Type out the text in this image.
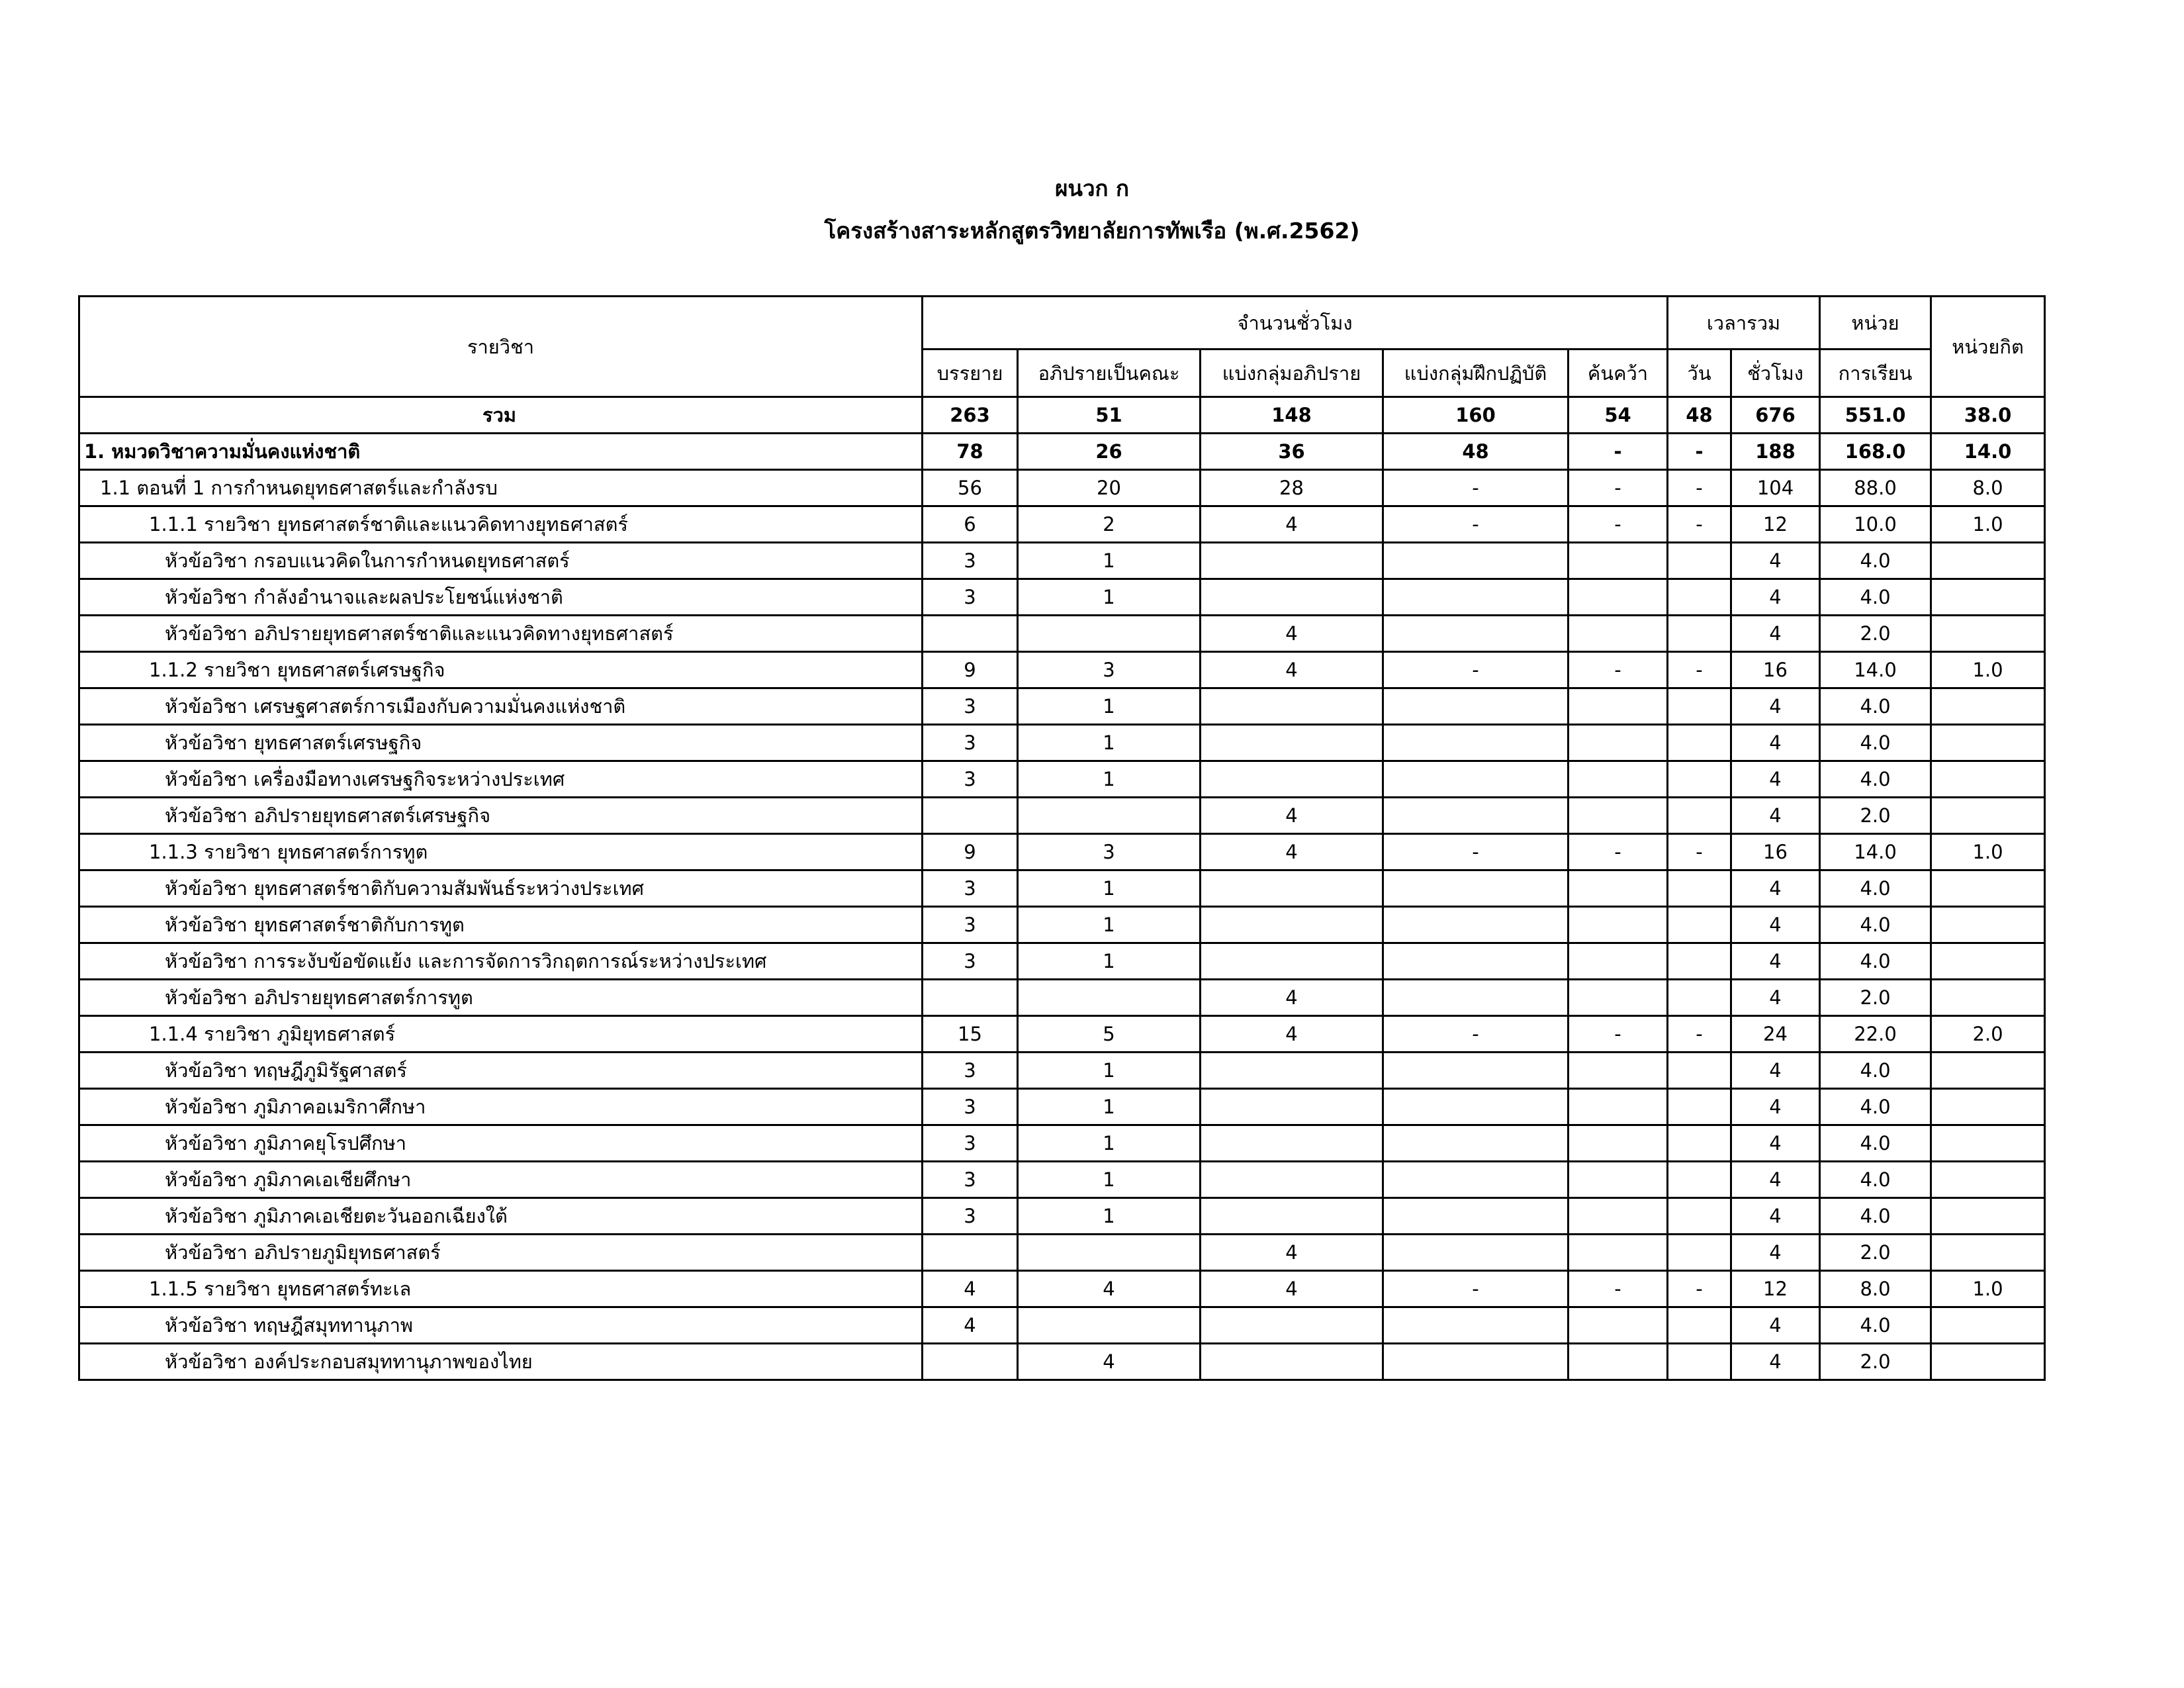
ผนวก ก
โครงสร้างสาระหลักสูตรวิทยาลัยการทัพเรือ (พ.ศ.2562)
รายวิชา	จำนวนชั่วโมง					เวลารวม		หน่วย	หน่วยกิต
	บรรยาย	อภิปรายเป็นคณะ	แบ่งกลุ่มอภิปราย	แบ่งกลุ่มฝึกปฏิบัติ	ค้นคว้า	วัน	ชั่วโมง	การเรียน	
รวม	263	51	148	160	54	48	676	551.0	38.0
1. หมวดวิชาความมั่นคงแห่งชาติ	78	26	36	48	-	-	188	168.0	14.0
1.1 ตอนที่ 1 การกำหนดยุทธศาสตร์และกำลังรบ	56	20	28	-	-	-	104	88.0	8.0
1.1.1 รายวิชา ยุทธศาสตร์ชาติและแนวคิดทางยุทธศาสตร์	6	2	4	-	-	-	12	10.0	1.0
หัวข้อวิชา กรอบแนวคิดในการกำหนดยุทธศาสตร์	3	1					4	4.0	
หัวข้อวิชา กำลังอำนาจและผลประโยชน์แห่งชาติ	3	1					4	4.0	
หัวข้อวิชา อภิปรายยุทธศาสตร์ชาติและแนวคิดทางยุทธศาสตร์			4				4	2.0	
1.1.2 รายวิชา ยุทธศาสตร์เศรษฐกิจ	9	3	4	-	-	-	16	14.0	1.0
หัวข้อวิชา เศรษฐศาสตร์การเมืองกับความมั่นคงแห่งชาติ	3	1					4	4.0	
หัวข้อวิชา ยุทธศาสตร์เศรษฐกิจ	3	1					4	4.0	
หัวข้อวิชา เครื่องมือทางเศรษฐกิจระหว่างประเทศ	3	1					4	4.0	
หัวข้อวิชา อภิปรายยุทธศาสตร์เศรษฐกิจ			4				4	2.0	
1.1.3 รายวิชา ยุทธศาสตร์การทูต	9	3	4	-	-	-	16	14.0	1.0
หัวข้อวิชา ยุทธศาสตร์ชาติกับความสัมพันธ์ระหว่างประเทศ	3	1					4	4.0	
หัวข้อวิชา ยุทธศาสตร์ชาติกับการทูต	3	1					4	4.0	
หัวข้อวิชา การระงับข้อขัดแย้ง และการจัดการวิกฤตการณ์ระหว่างประเทศ	3	1					4	4.0	
หัวข้อวิชา อภิปรายยุทธศาสตร์การทูต			4				4	2.0	
1.1.4 รายวิชา ภูมิยุทธศาสตร์	15	5	4	-	-	-	24	22.0	2.0
หัวข้อวิชา ทฤษฎีภูมิรัฐศาสตร์	3	1					4	4.0	
หัวข้อวิชา ภูมิภาคอเมริกาศึกษา	3	1					4	4.0	
หัวข้อวิชา ภูมิภาคยุโรปศึกษา	3	1					4	4.0	
หัวข้อวิชา ภูมิภาคเอเชียศึกษา	3	1					4	4.0	
หัวข้อวิชา ภูมิภาคเอเชียตะวันออกเฉียงใต้	3	1					4	4.0	
หัวข้อวิชา อภิปรายภูมิยุทธศาสตร์			4				4	2.0	
1.1.5 รายวิชา ยุทธศาสตร์ทะเล	4	4	4	-	-	-	12	8.0	1.0
หัวข้อวิชา ทฤษฎีสมุททานุภาพ	4						4	4.0	
หัวข้อวิชา องค์ประกอบสมุททานุภาพของไทย		4					4	2.0	
